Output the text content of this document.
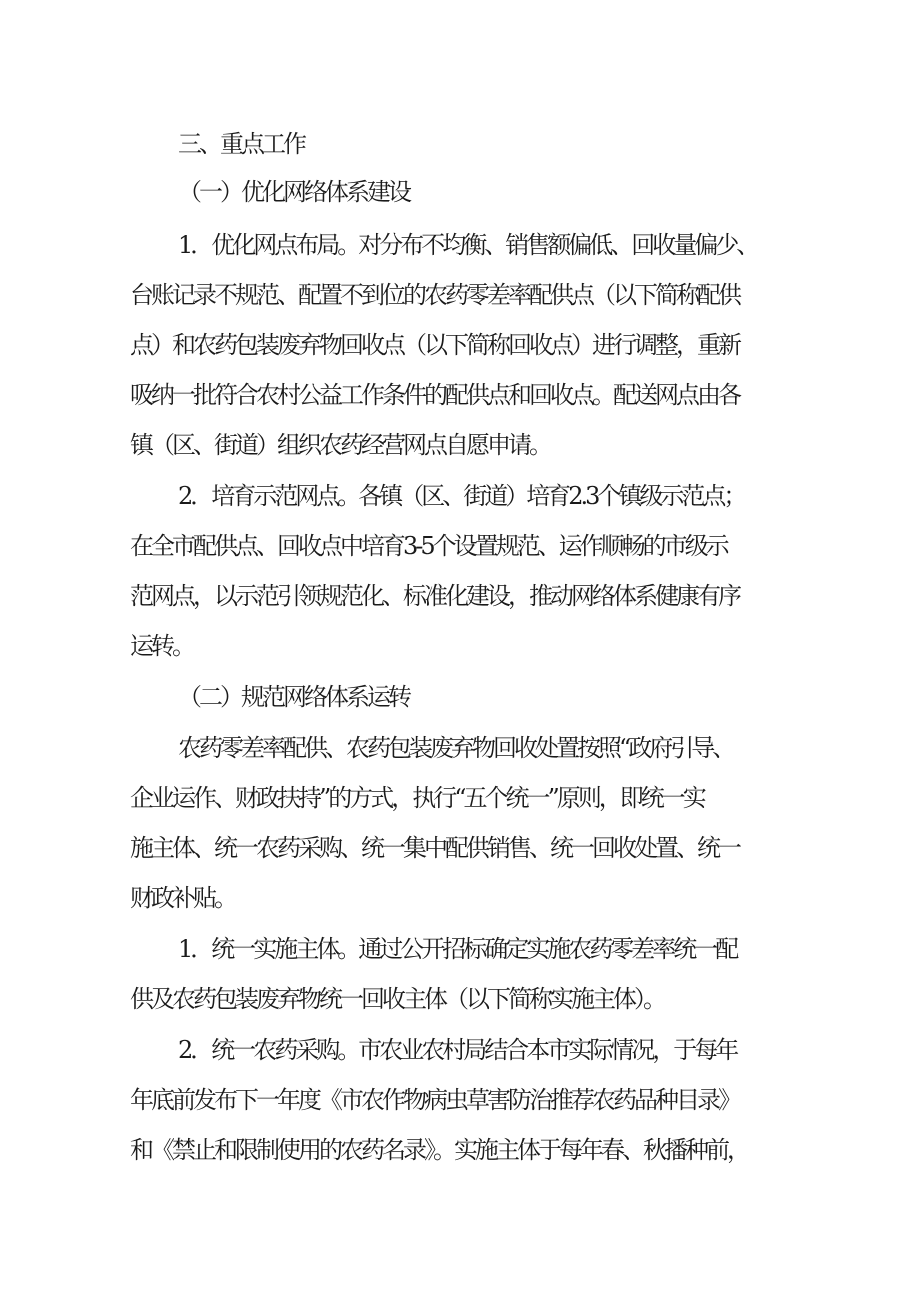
三、重点工作
（一）优化网络体系建设
1．优化网点布局。对分布不均衡、销售额偏低、回收量偏少、
台账记录不规范、配置不到位的农药零差率配供点（以下简称配供
点）和农药包装废弃物回收点（以下简称回收点）进行调整，重新
吸纳一批符合农村公益工作条件的配供点和回收点。配送网点由各
镇（区、街道）组织农药经营网点自愿申请。
2．培育示范网点。各镇（区、街道）培育2.3个镇级示范点；
在全市配供点、回收点中培育3-5个设置规范、运作顺畅的市级示
范网点，以示范引领规范化、标准化建设，推动网络体系健康有序
运转。
（二）规范网络体系运转
农药零差率配供、农药包装废弃物回收处置按照“政府引导、
企业运作、财政扶持”的方式，执行“五个统一”原则，即统一实
施主体、统一农药采购、统一集中配供销售、统一回收处置、统一
财政补贴。
1．统一实施主体。通过公开招标确定实施农药零差率统一配
供及农药包装废弃物统一回收主体（以下简称实施主体）。
2．统一农药采购。市农业农村局结合本市实际情况，于每年
年底前发布下一年度《市农作物病虫草害防治推荐农药品种目录》
和《禁止和限制使用的农药名录》。实施主体于每年春、秋播种前，
